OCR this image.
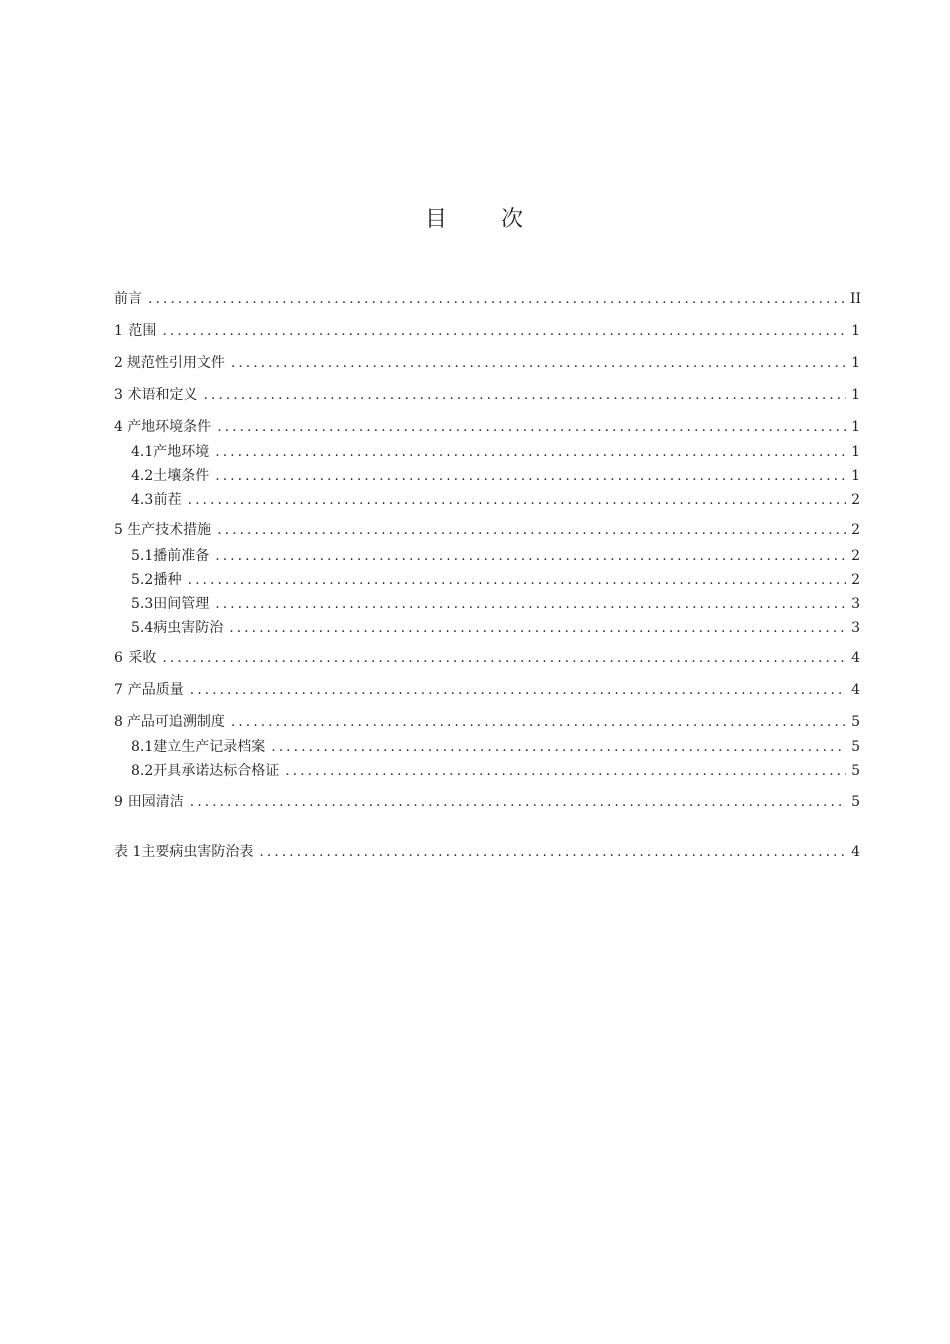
目 次
前言 .....	II
1 范围 .....	1
2 规范性引用文件 .....	1
3 术语和定义 .....	1
4 产地环境条件 .....	1
4.1 产地环境 .....	1
4.2 土壤条件 .....	1
4.3 前茬 .....	2
5 生产技术措施 .....	2
5.1 播前准备 .....	2
5.2 播种 .....	2
5.3 田间管理 .....	3
5.4 病虫害防治 .....	3
6 采收 .....	4
7 产品质量 .....	4
8 产品可追溯制度 .....	5
8.1 建立生产记录档案 .....	5
8.2 开具承诺达标合格证 .....	5
9 田园清洁 .....	5
表 1 主要病虫害防治表 .....	4
